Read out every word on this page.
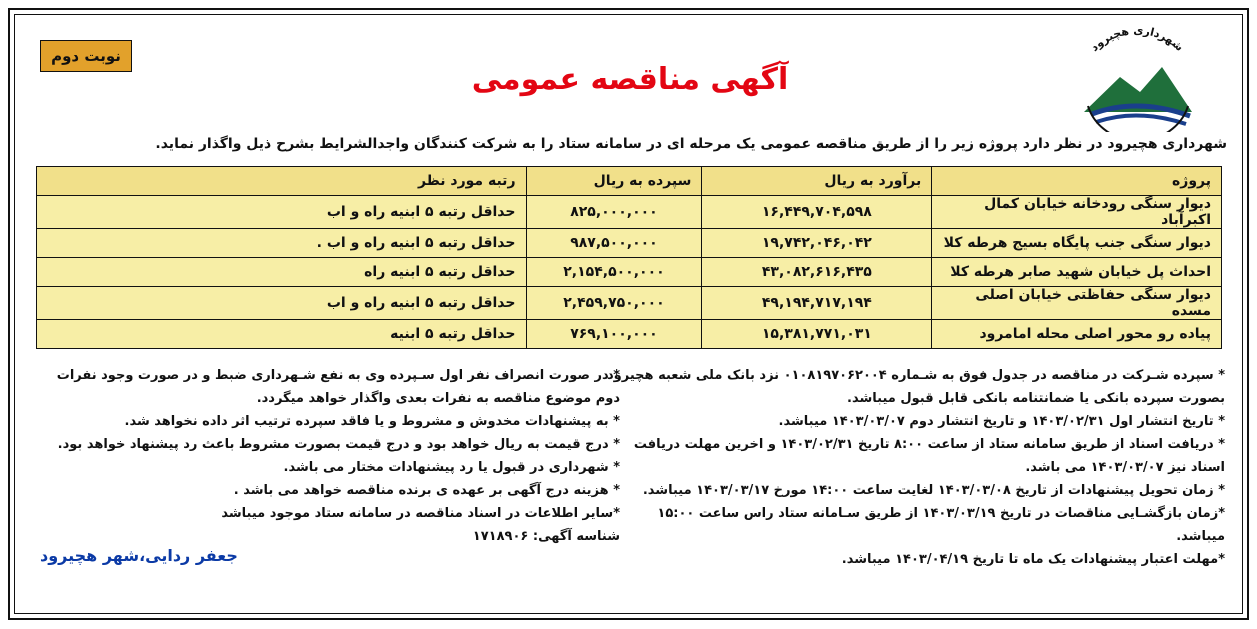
نوبت دوم
آگهی مناقصه عمومی
شهرداری هچیرود
شهرداری هچیرود در نظر دارد پروژه زیر را از طریق مناقصه عمومی یک مرحله ای در سامانه ستاد را به شرکت کنندگان واجدالشرایط بشرح ذیل واگذار نماید.
پروژه	برآورد به ریال	سپرده به ریال	رتبه مورد نظر
دیوار سنگی رودخانه خیابان کمال اکبرآباد	۱۶,۴۴۹,۷۰۴,۵۹۸	۸۲۵,۰۰۰,۰۰۰	حداقل رتبه ۵ ابنیه راه و اب
دیوار سنگی جنب پایگاه بسیج هرطه کلا	۱۹,۷۴۲,۰۴۶,۰۴۲	۹۸۷,۵۰۰,۰۰۰	حداقل رتبه ۵ ابنیه راه و اب .
احداث پل خیابان شهید صابر هرطه کلا	۴۳,۰۸۲,۶۱۶,۴۳۵	۲,۱۵۴,۵۰۰,۰۰۰	حداقل رتبه ۵ ابنیه راه
دیوار سنگی حفاظتی خیابان اصلی مسده	۴۹,۱۹۴,۷۱۷,۱۹۴	۲,۴۵۹,۷۵۰,۰۰۰	حداقل رتبه ۵ ابنیه راه و اب
پیاده رو محور اصلی محله امامرود	۱۵,۳۸۱,۷۷۱,۰۳۱	۷۶۹,۱۰۰,۰۰۰	حداقل رتبه ۵ ابنیه

* سپرده شـرکت در مناقصه در جدول فوق به شـماره ۰۱۰۸۱۹۷۰۶۲۰۰۴ نزد بانک ملی شعبه هچیرود بصورت سپرده بانکی یا ضمانتنامه بانکی قابل قبول میباشد.

* تاریخ انتشار اول ۱۴۰۳/۰۲/۳۱ و تاریخ انتشار دوم ۱۴۰۳/۰۳/۰۷ میباشد.

* دریافت اسناد از طریق سامانه ستاد از ساعت ۸:۰۰ تاریخ ۱۴۰۳/۰۲/۳۱ و اخرین مهلت دریافت اسناد نیز ۱۴۰۳/۰۳/۰۷ می باشد.

* زمان تحویل پیشنهادات از تاریخ ۱۴۰۳/۰۳/۰۸ لغایت ساعت ۱۴:۰۰ مورخ ۱۴۰۳/۰۳/۱۷ میباشد.

*زمان بازگشـایی مناقصات در تاریخ ۱۴۰۳/۰۳/۱۹ از طریق سـامانه ستاد راس ساعت ۱۵:۰۰ میباشد.

*مهلت اعتبار پیشنهادات یک ماه تا تاریخ ۱۴۰۳/۰۴/۱۹ میباشد.

* در صورت انصراف نفر اول سـپرده وی به نفع شـهرداری ضبط و در صورت وجود نفرات دوم موضوع مناقصه به نفرات بعدی واگذار خواهد میگردد.

* به پیشنهادات مخدوش و مشروط و یا فاقد سپرده ترتیب اثر داده نخواهد شد.

* درج قیمت به ریال خواهد بود و درج قیمت بصورت مشروط باعث رد پیشنهاد خواهد بود.

* شهرداری در قبول یا رد پیشنهادات مختار می باشد.

* هزینه درج آگهی بر عهده ی برنده مناقصه خواهد می باشد .

*سایر اطلاعات در اسناد مناقصه در سامانه ستاد موجود میباشد

شناسه آگهی: ۱۷۱۸۹۰۶

جعفر ردایی،شهر هچیرود
